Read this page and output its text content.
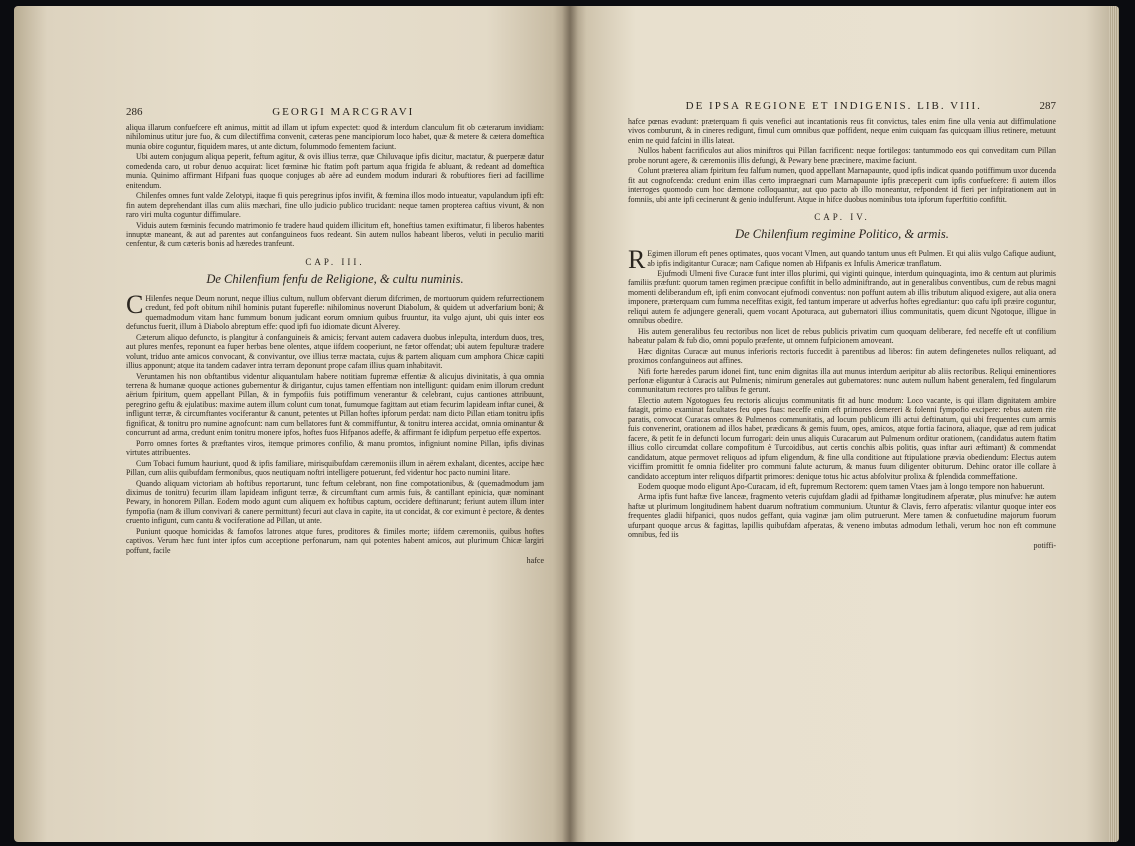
286	GEORGI MARCGRAVI

aliqua illarum confuefcere eft animus, mittit ad illam ut ipfum expectet: quod & interdum clanculum fit ob cæterarum invidiam: nihilominus utitur jure fuo, & cum dilectiffima convenit, cæteras pene mancipiorum loco habet, quæ & metere & cætera domeftica munia obire coguntur, fiquidem mares, ut ante dictum, folummodo fementem faciunt.

Ubi autem conjugum aliqua peperit, feftum agitur, & ovis illius terræ, quæ Chiluvaque ipfis dicitur, mactatur, & puerperæ datur comedenda caro, ut robur denuo acquirat: licet fœminæ hic ftatim poft partum aqua frigida fe abluant, & redeant ad domeftica munia. Quinimo affirmant Hifpani fuas quoque conjuges ab aëre ad eundem modum indurari & robuftiores fieri ad facillime enitendum.

Chilenfes omnes funt valde Zelotypi, itaque fi quis peregrinus ipfos invifit, & fœmina illos modo intueatur, vapulandum ipfi eft: fin autem deprehendant illas cum aliis mæchari, fine ullo judicio publico trucidant: neque tamen propterea caftius vivunt, & non raro viri multa coguntur diffimulare.

Viduis autem fœminis fecundo matrimonio fe tradere haud quidem illicitum eft, honeftius tamen exiftimatur, fi liberos habentes innuptæ maneant, & aut ad parentes aut confanguineos fuos redeant. Sin autem nullos habeant liberos, veluti in peculio mariti cenfentur, & cum cæteris bonis ad hæredes tranfeunt.

CAP. III.
De Chilenfium fenfu de Religione, & cultu numinis.

C Hilenfes neque Deum norunt, neque illius cultum, nullum obfervant dierum difcrimen, de mortuorum quidem refurrectionem credunt, fed poft obitum nihil hominis putant fuperefle: nihilominus noverunt Diabolum, & quidem ut adverfarium boni; & quemadmodum vitam hanc fummum bonum judicant eorum omnium quibus fruuntur, ita vulgo ajunt, ubi quis inter eos defunctus fuerit, illum à Diabolo abreptum effe: quod ipfi fuo idiomate dicunt Alverey.

Cæterum aliquo defuncto, is plangitur à confanguineis & amicis; fervant autem cadavera duobus inlepulta, interdum duos, tres, aut plures menfes, reponunt ea fuper herbas bene olentes, atque iifdem cooperiunt, ne fætor offendat; ubi autem fepulturæ tradere volunt, triduo ante amicos convocant, & convivantur, ove illius terræ mactata, cujus & partem aliquam cum amphora Chicæ capiti illius apponunt; atque ita tandem cadaver intra terram deponunt prope cafam illius quam inhabitavit.

Veruntamen his non obftantibus videntur aliquantulam habere notitiam fupremæ effentiæ & alicujus divinitatis, à qua omnia terrena & humanæ quoque actiones gubernentur & dirigantur, cujus tamen effentiam non intelligunt: quidam enim illorum credunt aërium fpiritum, quem appellant Pillan, & in fympofiis fuis potiffimum venerantur & celebrant, cujus cantiones attribuunt, peregrino geftu & ejulatibus: maxime autem illum colunt cum tonat, fumumque fagittam aut etiam fecurim lapideam inftar cunei, & infligunt terræ, & circumftantes vociferantur & canunt, petentes ut Pillan hoftes ipforum perdat: nam dicto Pillan etiam tonitru ipfis fignificat, & tonitru pro numine agnofcunt: nam cum bellatores funt & commiffuntur, & tonitru interea accidat, omnia ominantur & concurrunt ad arma, credunt enim tonitru monere ipfos, hoftes fuos Hifpanos adeffe, & affirmant fe idipfum perpetuo effe expertos.

Porro omnes fortes & præftantes viros, itemque primores confilio, & manu promtos, infigniunt nomine Pillan, ipfis divinas virtutes attribuentes.

Cum Tobaci fumum hauriunt, quod & ipfis familiare, mirisquibufdam cæremoniis illum in aërem exhalant, dicentes, accipe hæc Pillan, cum aliis quibufdam fermonibus, quos neutiquam noftri intelligere potuerunt, fed videntur hoc pacto numini litare.

Quando aliquam victoriam ab hoftibus reportarunt, tunc feftum celebrant, non fine compotationibus, & (quemadmodum jam diximus de tonitru) fecurim illam lapideam infigunt terræ, & circumftant cum armis fuis, & cantillant epinicia, quæ nominant Pewary, in honorem Pillan. Eodem modo agunt cum aliquem ex hoftibus captum, occidere deftinarunt; feriunt autem illum inter fympofia (nam & illum convivari & canere permittunt) fecuri aut clava in capite, ita ut concidat, & cor eximunt è pectore, & dentes cruento infigunt, cum cantu & vociferatione ad Pillan, ut ante.

Puniunt quoque homicidas & famofos latrones atque fures, proditores & fimiles morte; iifdem cæremoniis, quibus hoftes captivos. Verum hæc funt inter ipfos cum acceptione perfonarum, nam qui potentes habent amicos, aut plurimum Chicæ largiri poffunt, facile

hafce
DE IPSA REGIONE ET INDIGENIS. LIB. VIII.	287

hafce pœnas evadunt: præterquam fi quis venefici aut incantationis reus fit convictus, tales enim fine ulla venia aut diffimulatione vivos comburunt, & in cineres redigunt, fimul cum omnibus quæ poffident, neque enim cuiquam fas quicquam illius retinere, metuunt enim ne quid fafcini in illis lateat.

Nullos habent facrificulos aut alios miniftros qui Pillan facrificent: neque fortilegos: tantummodo eos qui conveditam cum Pillan probe norunt agere, & cæremoniis illis defungi, & Pewary bene præcinere, maxime faciunt.

Colunt præterea aliam fpiritum feu falfum numen, quod appellant Marnapaunte, quod ipfis indicat quando potiffimum uxor ducenda fit aut cognofcenda: credunt enim illas certo impraegnari cum Marnapaunte ipfis præceperit cum ipfis confuefcere: fi autem illos interroges quomodo cum hoc dæmone colloquantur, aut quo pacto ab illo moneantur, refpondent id fieri per infpirationem aut in fomniis, ubi ante ipfi cecinerunt & genio indulferunt. Atque in hifce duobus nominibus tota ipforum fuperftitio confiftit.

CAP. IV.
De Chilenfium regimine Politico, & armis.

R Egimen illorum eft penes optimates, quos vocant Vlmen, aut quando tantum unus eft Pulmen. Et qui aliis vulgo Cafique audiunt, ab ipfis indigitantur Curacæ; nam Cafique nomen ab Hifpanis ex Infulis Americæ tranflatum.

Ejufmodi Ulmeni five Curacæ funt inter illos plurimi, qui viginti quinque, interdum quinquaginta, imo & centum aut plurimis familiis præfunt: quorum tamen regimen præcipue confiftit in bello adminiftrando, aut in generalibus conventibus, cum de rebus magni momenti deliberandum eft, ipfi enim convocant ejufmodi conventus: non poffunt autem ab illis tributum aliquod exigere, aut alia onera imponere, præterquam cum fumma neceffitas exigit, fed tantum imperare ut adverfus hoftes egrediantur: quo cafu ipfi præire coguntur, reliqui autem fe adjungere generali, quem vocant Apoturaca, aut gubernatori illius communitatis, quem dicunt Ngotoque, illigue in omnibus obedire.

His autem generalibus feu rectoribus non licet de rebus publicis privatim cum quoquam deliberare, fed neceffe eft ut confilium habeatur palam & fub dio, omni populo præfente, ut omnem fufpicionem amoveant.

Hæc dignitas Curacæ aut munus inferioris rectoris fuccedit à parentibus ad liberos: fin autem defingenetes nullos reliquant, ad proximos confanguineos aut affines.

Nifi forte hæredes parum idonei fint, tunc enim dignitas illa aut munus interdum aeripitur ab aliis rectoribus. Reliqui eminentiores perfonæ eliguntur à Curacis aut Pulmenis; nimirum generales aut gubernatores: nunc autem nullum habent generalem, fed fingularum communitatum rectores pro talibus fe gerunt.

Electio autem Ngotogues feu rectoris alicujus communitatis fit ad hunc modum: Loco vacante, is qui illam dignitatem ambire fatagit, primo examinat facultates feu opes fuas: neceffe enim eft primores demereri & folenni fympofio excipere: rebus autem rite paratis, convocat Curacas omnes & Pulmenos communitatis, ad locum publicum illi actui deftinatum, qui ubi frequentes cum armis fuis convenerint, orationem ad illos habet, prædicans & gemis fuum, opes, amicos, atque fortia facinora, aliaque, quæ ad rem judicat facere, & petit fe in defuncti locum furrogari: dein unus aliquis Curacarum aut Pulmenum orditur orationem, (candidatus autem ftatim illius collo circumdat collare compofitum è Turcoidibus, aut certis conchis albis politis, quas inftar auri æftimant) & commendat candidatum, atque permovet reliquos ad ipfum eligendum, & fine ulla conditione aut ftipulatione prævia obediendum: Electus autem viciffim promittit fe omnia fideliter pro communi falute acturum, & manus fuum diligenter obiturum. Dehinc orator ille collare à candidato acceptum inter reliquos difpartit primores: denique totus hic actus abfolvitur prolixa & fplendida commeffatione.

Eodem quoque modo eligunt Apo-Curacam, id eft, fupremum Rectorem: quem tamen Vtaes jam à longo tempore non habuerunt.

Arma ipfis funt haftæ five lanceæ, fragmento veteris cujufdam gladii ad fpithamæ longitudinem afperatæ, plus minufve: hæ autem haftæ ut plurimum longitudinem habent duarum noftratium communium. Utuntur & Clavis, ferro afperatis: vilantur quoque inter eos frequentes gladii hifpanici, quos nudos geffant, quia vaginæ jam olim putruerunt. Mere tamen & confuetudine majorum fuorum ufurpant quoque arcus & fagittas, lapillis quibufdam afperatas, & veneno imbutas admodum lethali, verum hoc non eft commune omnibus, fed iis

potiffi-
